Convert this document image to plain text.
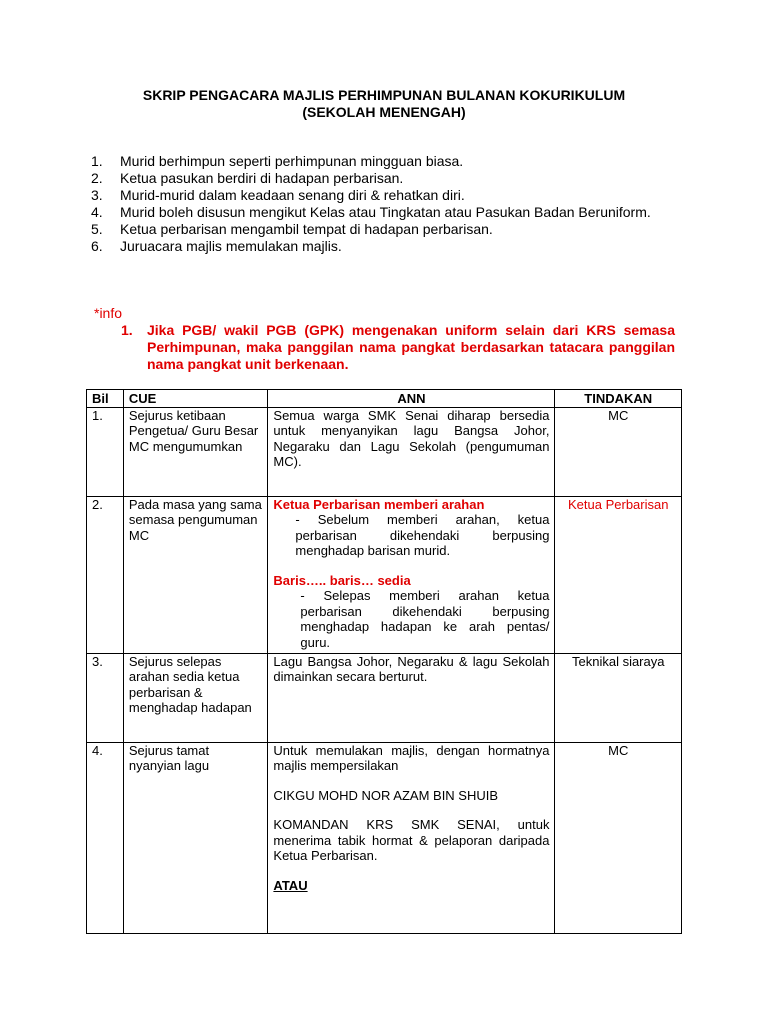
SKRIP PENGACARA MAJLIS PERHIMPUNAN BULANAN KOKURIKULUM
(SEKOLAH MENENGAH)
1.	Murid berhimpun seperti perhimpunan mingguan biasa.
2.	Ketua pasukan berdiri di hadapan perbarisan.
3.	Murid-murid dalam keadaan senang diri & rehatkan diri.
4.	Murid boleh disusun mengikut Kelas atau Tingkatan atau Pasukan Badan Beruniform.
5.	Ketua perbarisan mengambil tempat di hadapan perbarisan.
6.	Juruacara majlis memulakan majlis.
*info
1.	Jika PGB/ wakil PGB (GPK) mengenakan uniform selain dari KRS semasa Perhimpunan, maka panggilan nama pangkat berdasarkan tatacara panggilan nama pangkat unit berkenaan.
Bil	CUE	ANN	TINDAKAN
1.	Sejurus ketibaan Pengetua/ Guru Besar MC mengumumkan	Semua warga SMK Senai diharap bersedia untuk menyanyikan lagu Bangsa Johor, Negaraku dan Lagu Sekolah (pengumuman MC).	MC
2.	Pada masa yang sama semasa pengumuman MC	Ketua Perbarisan memberi arahan
- Sebelum memberi arahan, ketua perbarisan dikehendaki berpusing menghadap barisan murid.
Baris….. baris… sedia
- Selepas memberi arahan ketua perbarisan dikehendaki berpusing menghadap hadapan ke arah pentas/ guru.	Ketua Perbarisan
3.	Sejurus selepas arahan sedia ketua perbarisan & menghadap hadapan	Lagu Bangsa Johor, Negaraku & lagu Sekolah dimainkan secara berturut.	Teknikal siaraya
4.	Sejurus tamat nyanyian lagu	Untuk memulakan majlis, dengan hormatnya majlis mempersilakan
CIKGU MOHD NOR AZAM BIN SHUIB
KOMANDAN KRS SMK SENAI, untuk menerima tabik hormat & pelaporan daripada Ketua Perbarisan.
ATAU	MC
